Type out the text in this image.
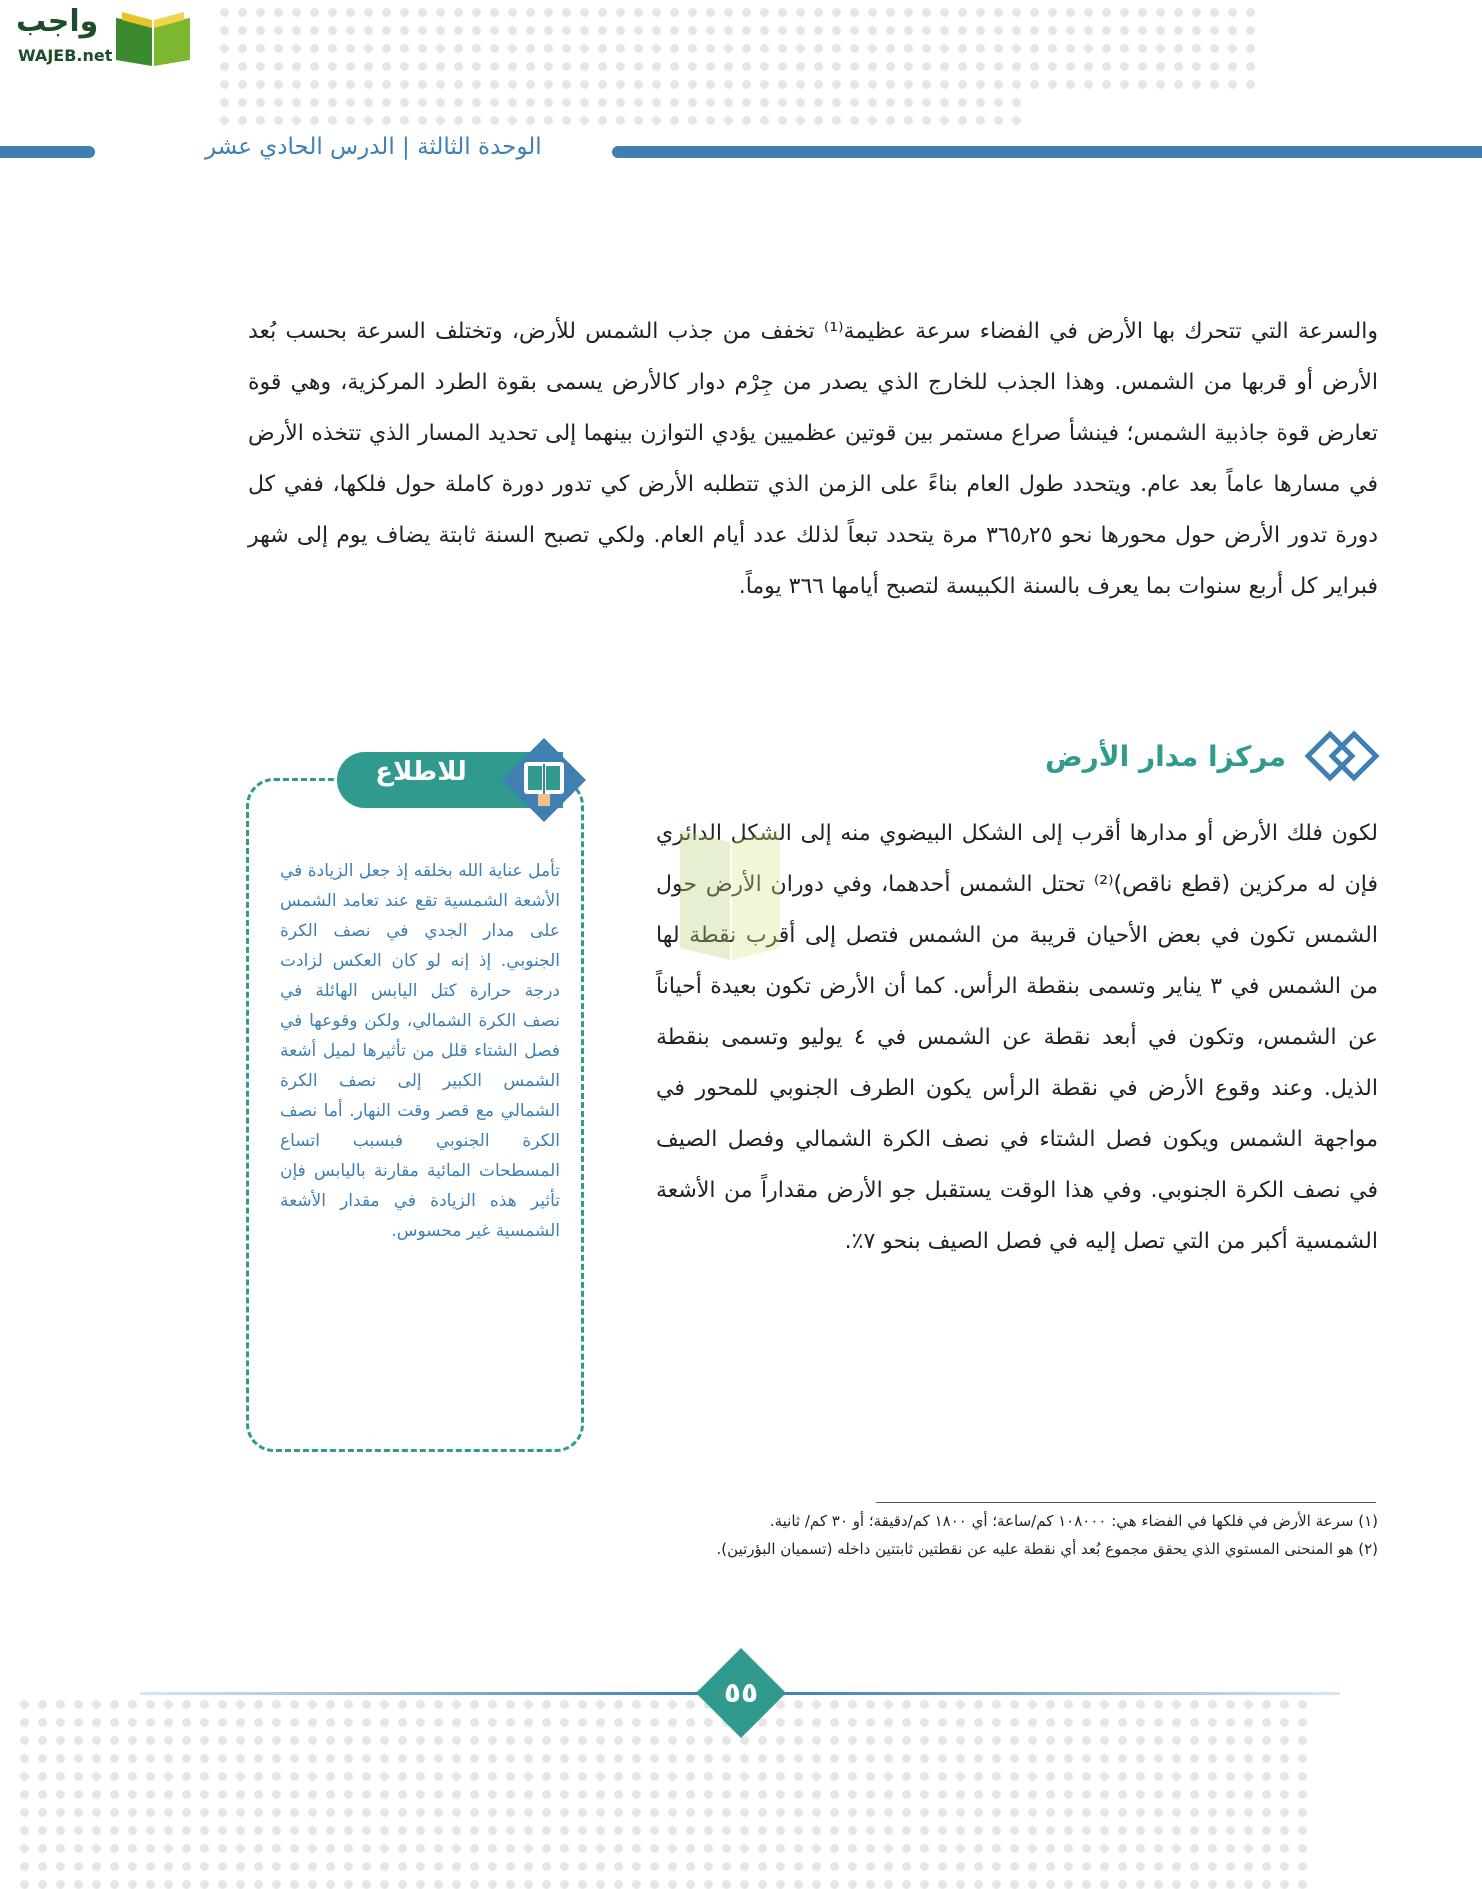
واجب
WAJEB.net
الوحدة الثالثة | الدرس الحادي عشر

والسرعة التي تتحرك بها الأرض في الفضاء سرعة عظيمة⁽¹⁾ تخفف من جذب الشمس للأرض، وتختلف السرعة بحسب بُعد الأرض أو قربها من الشمس. وهذا الجذب للخارج الذي يصدر من جِرْم دوار كالأرض يسمى بقوة الطرد المركزية، وهي قوة تعارض قوة جاذبية الشمس؛ فينشأ صراع مستمر بين قوتين عظميين يؤدي التوازن بينهما إلى تحديد المسار الذي تتخذه الأرض في مسارها عاماً بعد عام. ويتحدد طول العام بناءً على الزمن الذي تتطلبه الأرض كي تدور دورة كاملة حول فلكها، ففي كل دورة تدور الأرض حول محورها نحو ٣٦٥٫٢٥ مرة يتحدد تبعاً لذلك عدد أيام العام. ولكي تصبح السنة ثابتة يضاف يوم إلى شهر فبراير كل أربع سنوات بما يعرف بالسنة الكبيسة لتصبح أيامها ٣٦٦ يوماً.

مركزا مدار الأرض

لكون فلك الأرض أو مدارها أقرب إلى الشكل البيضوي منه إلى الشكل الدائري فإن له مركزين (قطع ناقص)⁽²⁾ تحتل الشمس أحدهما، وفي دوران الأرض حول الشمس تكون في بعض الأحيان قريبة من الشمس فتصل إلى أقرب نقطة لها من الشمس في ٣ يناير وتسمى بنقطة الرأس. كما أن الأرض تكون بعيدة أحياناً عن الشمس، وتكون في أبعد نقطة عن الشمس في ٤ يوليو وتسمى بنقطة الذيل. وعند وقوع الأرض في نقطة الرأس يكون الطرف الجنوبي للمحور في مواجهة الشمس ويكون فصل الشتاء في نصف الكرة الشمالي وفصل الصيف في نصف الكرة الجنوبي. وفي هذا الوقت يستقبل جو الأرض مقداراً من الأشعة الشمسية أكبر من التي تصل إليه في فصل الصيف بنحو ٧٪.

للاطلاع

تأمل عناية الله بخلقه إذ جعل الزيادة في الأشعة الشمسية تقع عند تعامد الشمس على مدار الجدي في نصف الكرة الجنوبي. إذ إنه لو كان العكس لزادت درجة حرارة كتل اليابس الهائلة في نصف الكرة الشمالي، ولكن وقوعها في فصل الشتاء قلل من تأثيرها لميل أشعة الشمس الكبير إلى نصف الكرة الشمالي مع قصر وقت النهار. أما نصف الكرة الجنوبي فبسبب اتساع المسطحات المائية مقارنة باليابس فإن تأثير هذه الزيادة في مقدار الأشعة الشمسية غير محسوس.

(١) سرعة الأرض في فلكها في الفضاء هي: ١٠٨٠٠٠ كم/ساعة؛ أي ١٨٠٠ كم/دقيقة؛ أو ٣٠ كم/ ثانية.

(٢) هو المنحنى المستوي الذي يحقق مجموع بُعد أي نقطة عليه عن نقطتين ثابتتين داخله (تسميان البؤرتين).

٥٥
